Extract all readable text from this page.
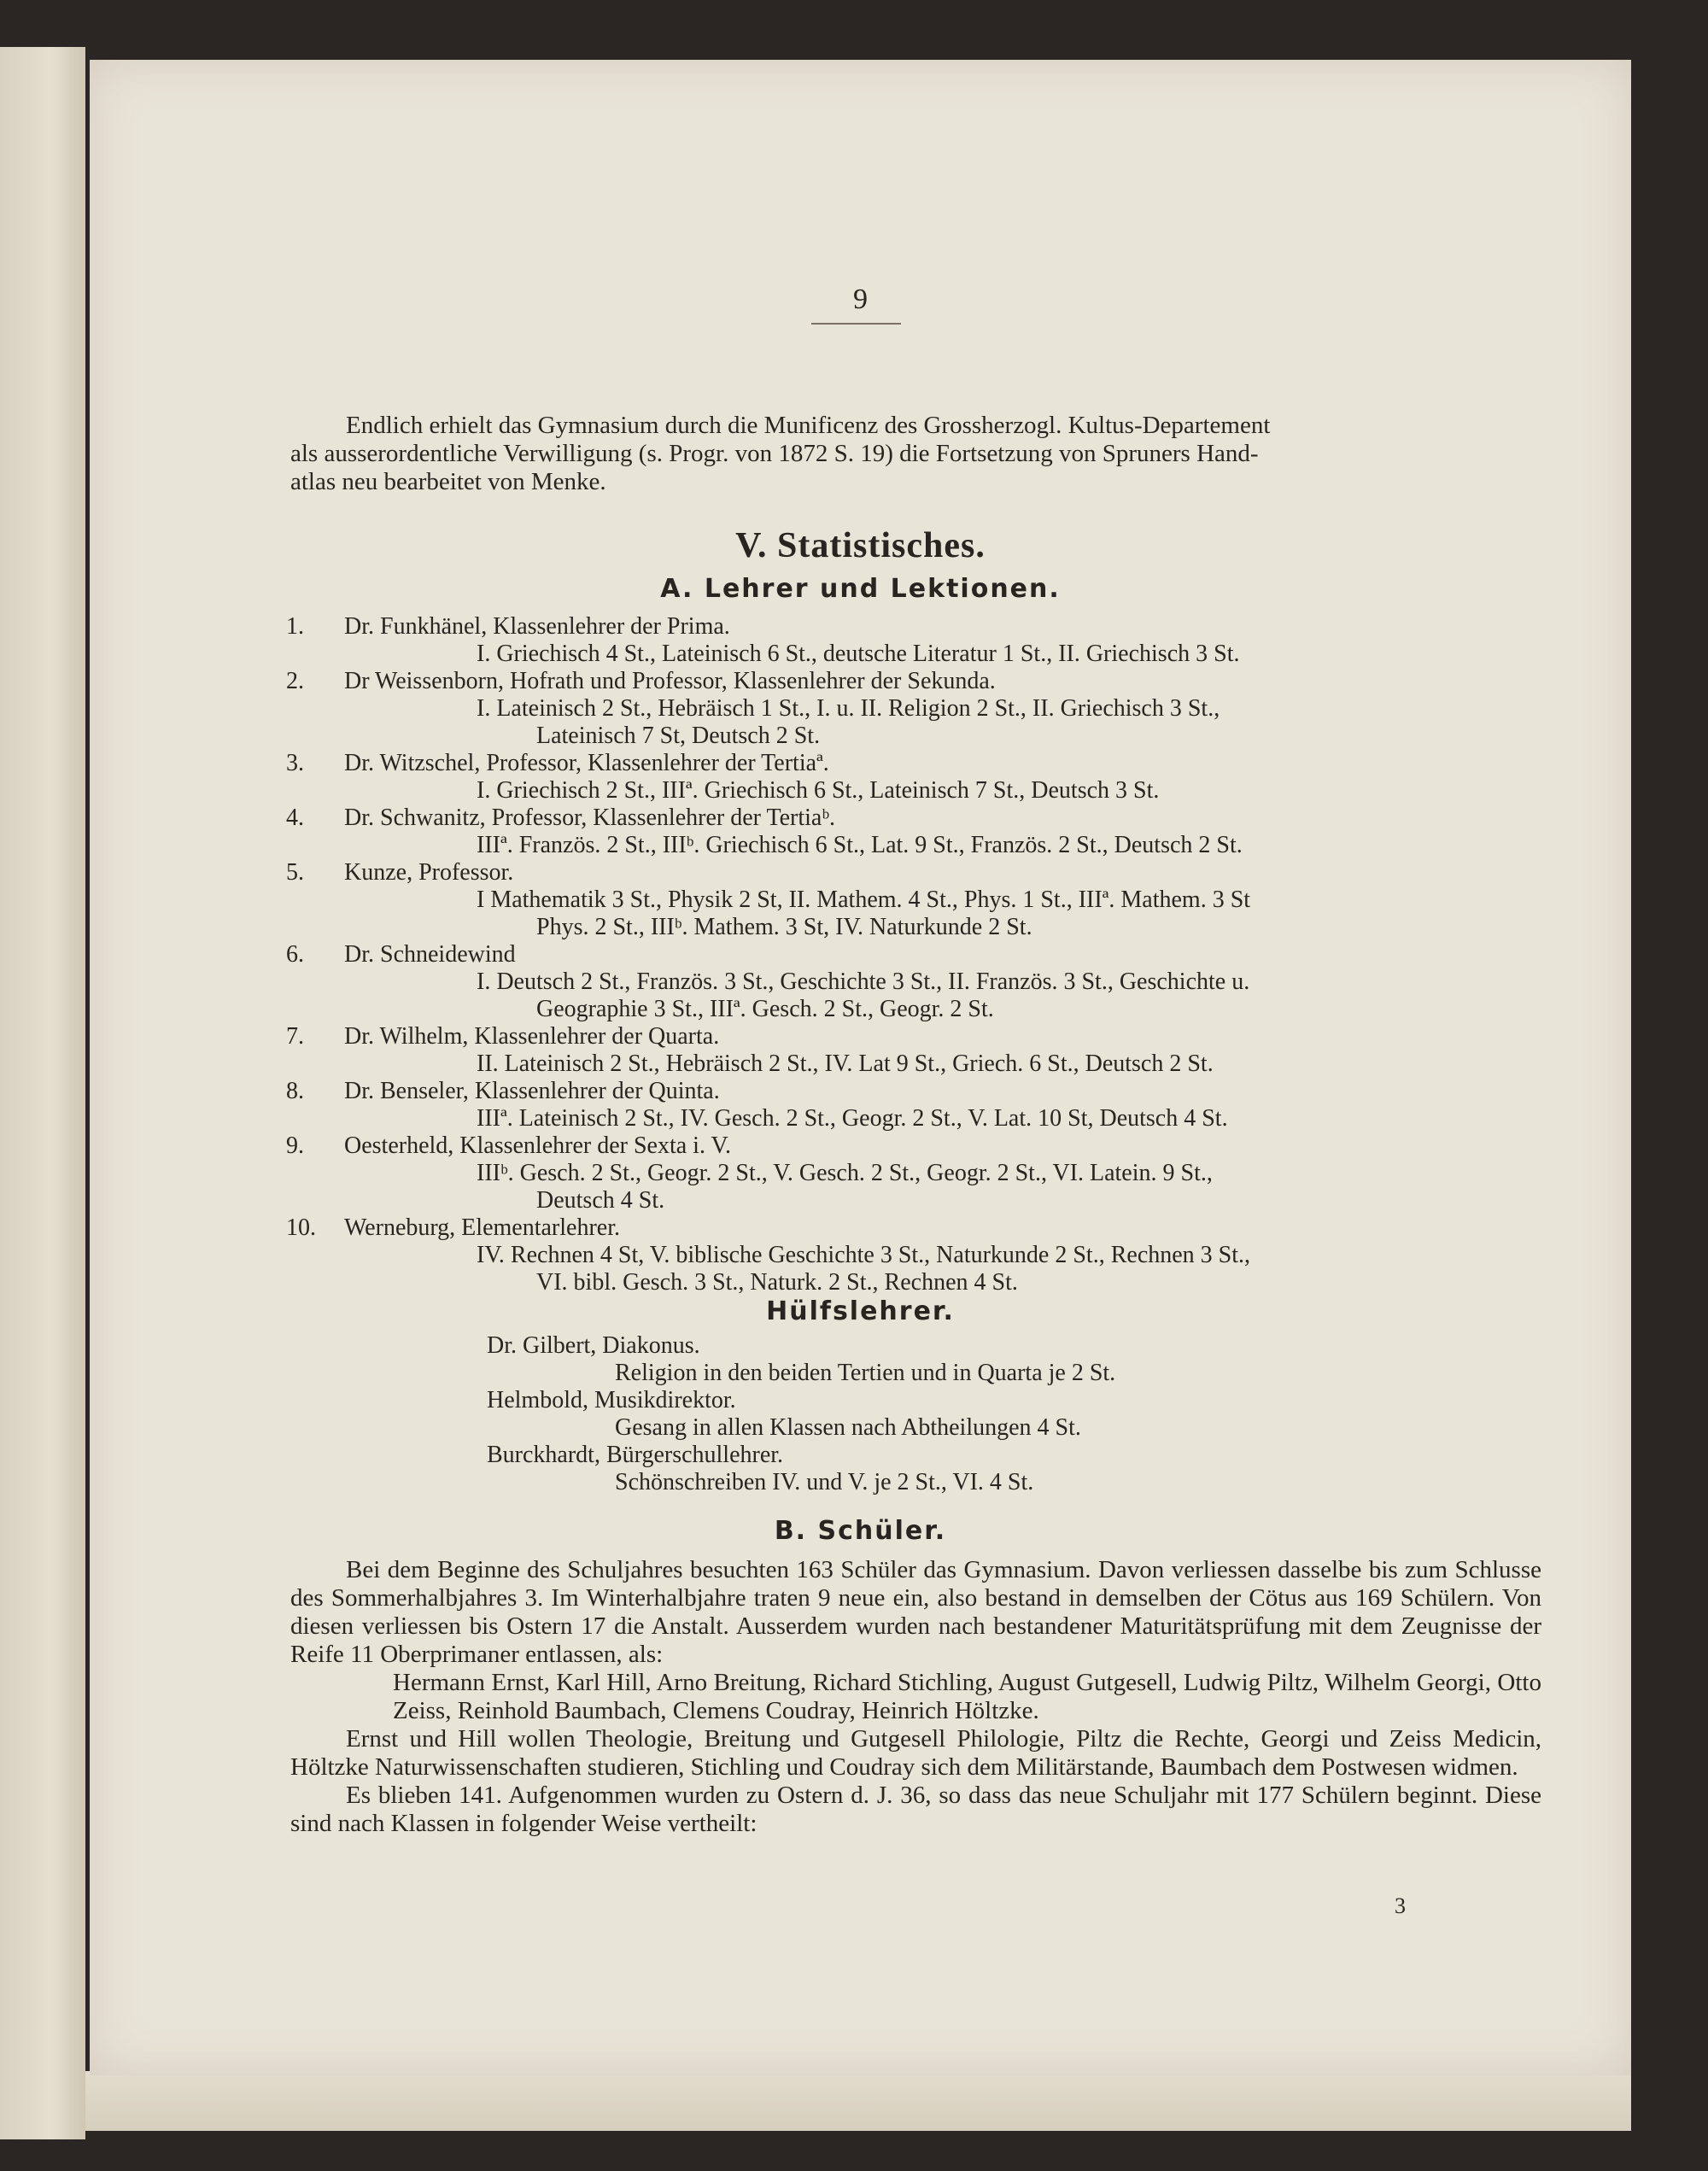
9

Endlich erhielt das Gymnasium durch die Munificenz des Grossherzogl. Kultus-Departement

als ausserordentliche Verwilligung (s. Progr. von 1872 S. 19) die Fortsetzung von Spruners Hand-

atlas neu bearbeitet von Menke.

V. Statistisches.
A. Lehrer und Lektionen.
1.	Dr. Funkhänel, Klassenlehrer der Prima.
I. Griechisch 4 St., Lateinisch 6 St., deutsche Literatur 1 St., II. Griechisch 3 St.
2.	Dr Weissenborn, Hofrath und Professor, Klassenlehrer der Sekunda.
I. Lateinisch 2 St., Hebräisch 1 St., I. u. II. Religion 2 St., II. Griechisch 3 St.,
Lateinisch 7 St, Deutsch 2 St.
3.	Dr. Witzschel, Professor, Klassenlehrer der Tertiaª.
I. Griechisch 2 St., IIIª. Griechisch 6 St., Lateinisch 7 St., Deutsch 3 St.
4.	Dr. Schwanitz, Professor, Klassenlehrer der Tertiaᵇ.
IIIª. Französ. 2 St., IIIᵇ. Griechisch 6 St., Lat. 9 St., Französ. 2 St., Deutsch 2 St.
5.	Kunze, Professor.
I Mathematik 3 St., Physik 2 St, II. Mathem. 4 St., Phys. 1 St., IIIª. Mathem. 3 St
Phys. 2 St., IIIᵇ. Mathem. 3 St, IV. Naturkunde 2 St.
6.	Dr. Schneidewind
I. Deutsch 2 St., Französ. 3 St., Geschichte 3 St., II. Französ. 3 St., Geschichte u.
Geographie 3 St., IIIª. Gesch. 2 St., Geogr. 2 St.
7.	Dr. Wilhelm, Klassenlehrer der Quarta.
II. Lateinisch 2 St., Hebräisch 2 St., IV. Lat 9 St., Griech. 6 St., Deutsch 2 St.
8.	Dr. Benseler, Klassenlehrer der Quinta.
IIIª. Lateinisch 2 St., IV. Gesch. 2 St., Geogr. 2 St., V. Lat. 10 St, Deutsch 4 St.
9.	Oesterheld, Klassenlehrer der Sexta i. V.
IIIᵇ. Gesch. 2 St., Geogr. 2 St., V. Gesch. 2 St., Geogr. 2 St., VI. Latein. 9 St.,
Deutsch 4 St.
10.	Werneburg, Elementarlehrer.
IV. Rechnen 4 St, V. biblische Geschichte 3 St., Naturkunde 2 St., Rechnen 3 St.,
VI. bibl. Gesch. 3 St., Naturk. 2 St., Rechnen 4 St.
Hülfslehrer.
Dr. Gilbert, Diakonus.
Religion in den beiden Tertien und in Quarta je 2 St.
Helmbold, Musikdirektor.
Gesang in allen Klassen nach Abtheilungen 4 St.
Burckhardt, Bürgerschullehrer.
Schönschreiben IV. und V. je 2 St., VI. 4 St.
B. Schüler.

Bei dem Beginne des Schuljahres besuchten 163 Schüler das Gymnasium. Davon verliessen dasselbe bis zum Schlusse des Sommerhalbjahres 3. Im Winterhalbjahre traten 9 neue ein, also bestand in demselben der Cötus aus 169 Schülern. Von diesen verliessen bis Ostern 17 die Anstalt. Ausserdem wurden nach bestandener Maturitätsprüfung mit dem Zeugnisse der Reife 11 Oberprimaner entlassen, als:

Hermann Ernst, Karl Hill, Arno Breitung, Richard Stichling, August Gutgesell, Ludwig Piltz, Wilhelm Georgi, Otto Zeiss, Reinhold Baumbach, Clemens Coudray, Heinrich Höltzke.

Ernst und Hill wollen Theologie, Breitung und Gutgesell Philologie, Piltz die Rechte, Georgi und Zeiss Medicin, Höltzke Naturwissenschaften studieren, Stichling und Coudray sich dem Militärstande, Baumbach dem Postwesen widmen.

Es blieben 141. Aufgenommen wurden zu Ostern d. J. 36, so dass das neue Schuljahr mit 177 Schülern beginnt. Diese sind nach Klassen in folgender Weise vertheilt:

3
